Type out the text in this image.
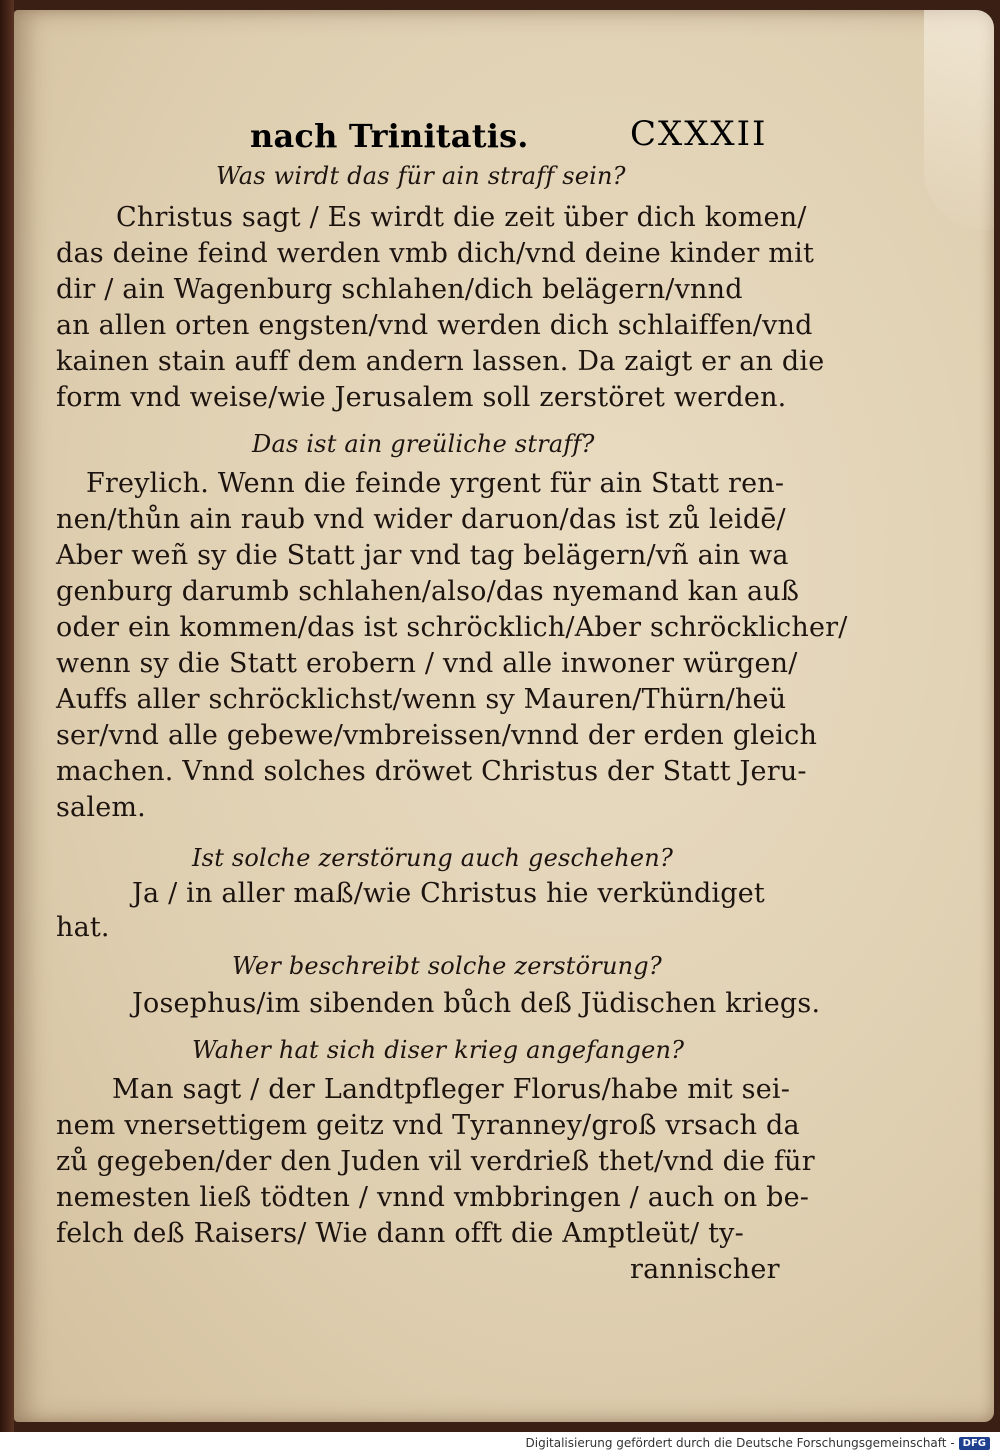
nach Trinitatis.	CXXXII
Was wirdt das für ain straff sein?
Christus sagt / Es wirdt die zeit über dich komen/
das deine feind werden vmb dich/vnd deine kinder mit
dir / ain Wagenburg schlahen/dich belägern/vnnd
an allen orten engsten/vnd werden dich schlaiffen/vnd
kainen stain auff dem andern lassen. Da zaigt er an die
form vnd weise/wie Jerusalem soll zerstöret werden.
Das ist ain greüliche straff?
Freylich. Wenn die feinde yrgent für ain Statt ren-
nen/thůn ain raub vnd wider daruon/das ist zů leidē/
Aber weñ sy die Statt jar vnd tag belägern/vñ ain wa
genburg darumb schlahen/also/das nyemand kan auß
oder ein kommen/das ist schröcklich/Aber schröcklicher/
wenn sy die Statt erobern / vnd alle inwoner würgen/
Auffs aller schröcklichst/wenn sy Mauren/Thürn/heü
ser/vnd alle gebewe/vmbreissen/vnnd der erden gleich
machen. Vnnd solches dröwet Christus der Statt Jeru-
salem.
Ist solche zerstörung auch geschehen?
Ja / in aller maß/wie Christus hie verkündiget
hat.
Wer beschreibt solche zerstörung?
Josephus/im sibenden bůch deß Jüdischen kriegs.
Waher hat sich diser krieg angefangen?
Man sagt / der Landtpfleger Florus/habe mit sei-
nem vnersettigem geitz vnd Tyranney/groß vrsach da
zů gegeben/der den Juden vil verdrieß thet/vnd die für
nemesten ließ tödten / vnnd vmbbringen / auch on be-
felch deß Raisers/ Wie dann offt die Amptleüt/ ty-
rannischer
Digitalisierung gefördert durch die Deutsche Forschungsgemeinschaft - DFG
